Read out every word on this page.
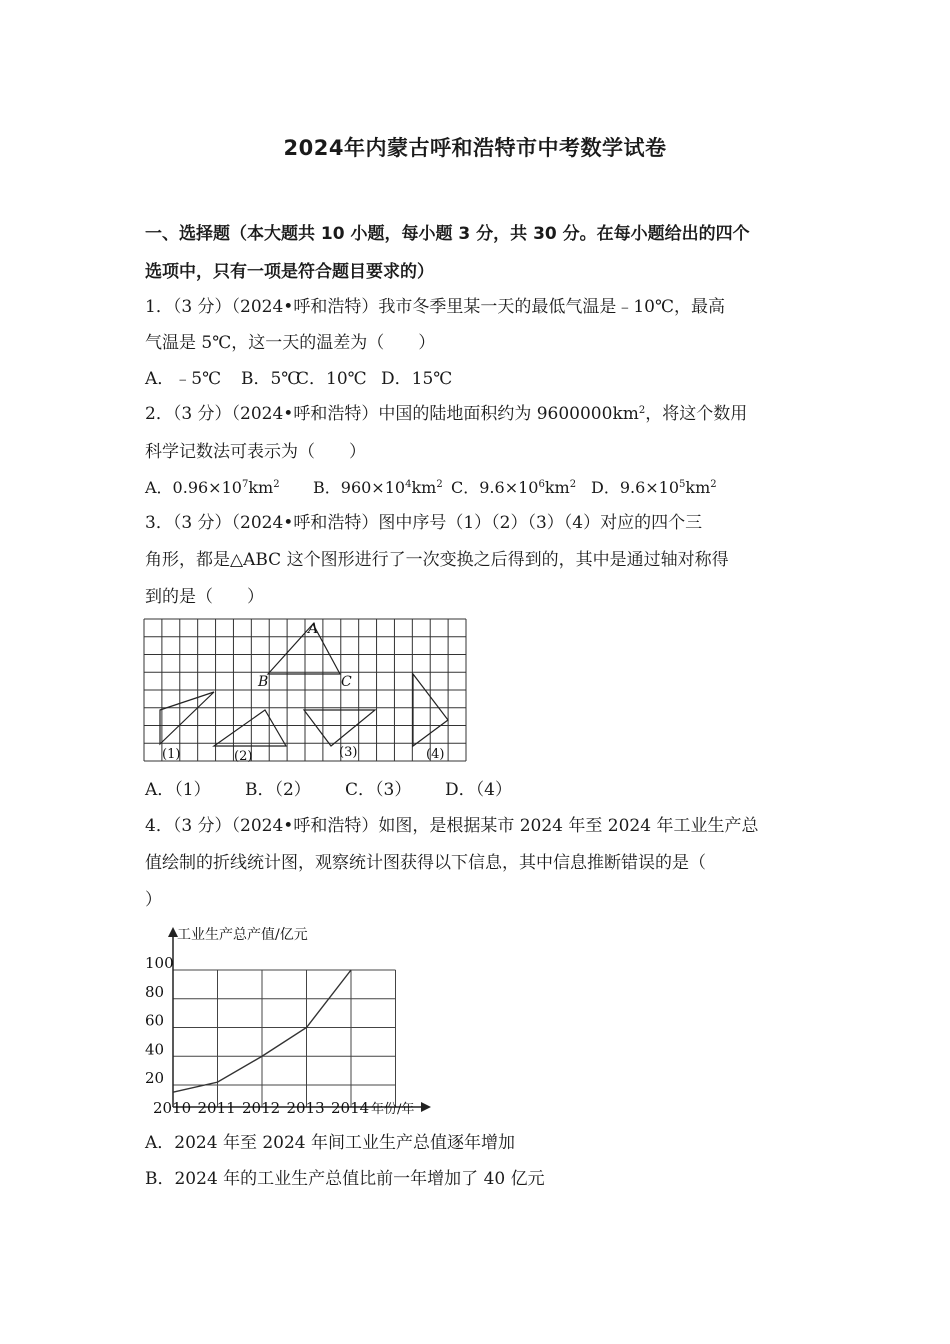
2024年内蒙古呼和浩特市中考数学试卷
一、选择题（本大题共 10 小题，每小题 3 分，共 30 分。在每小题给出的四个
选项中，只有一项是符合题目要求的）
1．（3 分）（2024•呼和浩特）我市冬季里某一天的最低气温是﹣10℃，最高
气温是 5℃，这一天的温差为（　　）
A．﹣5℃ B．5℃C．10℃ D．15℃
2．（3 分）（2024•呼和浩特）中国的陆地面积约为 $9600000km^2$，将这个数用
科学记数法可表示为（　　）
A．$0.96\times 10^7km^2$ B．$960\times 10^4km^2$ C．$9.6\times 10^6km^2$ D．$9.6\times 10^5km^2$
3．（3 分）（2024•呼和浩特）图中序号（1）（2）（3）（4）对应的四个三
角形，都是△ABC 这个图形进行了一次变换之后得到的，其中是通过轴对称得
到的是（　　）
A
B	C
(1)	(2)	(3)	(4)
A．（1） B．（2） C．（3） D．（4）
4．（3 分）（2024•呼和浩特）如图，是根据某市 2024 年至 2024 年工业生产总
值绘制的折线统计图，观察统计图获得以下信息，其中信息推断错误的是（
）
工业生产总产值/亿元
年份/年
20
40
60
80
100
2010 2011 2012 2013 2014
A．2024 年至 2024 年间工业生产总值逐年增加
B．2024 年的工业生产总值比前一年增加了 40 亿元
